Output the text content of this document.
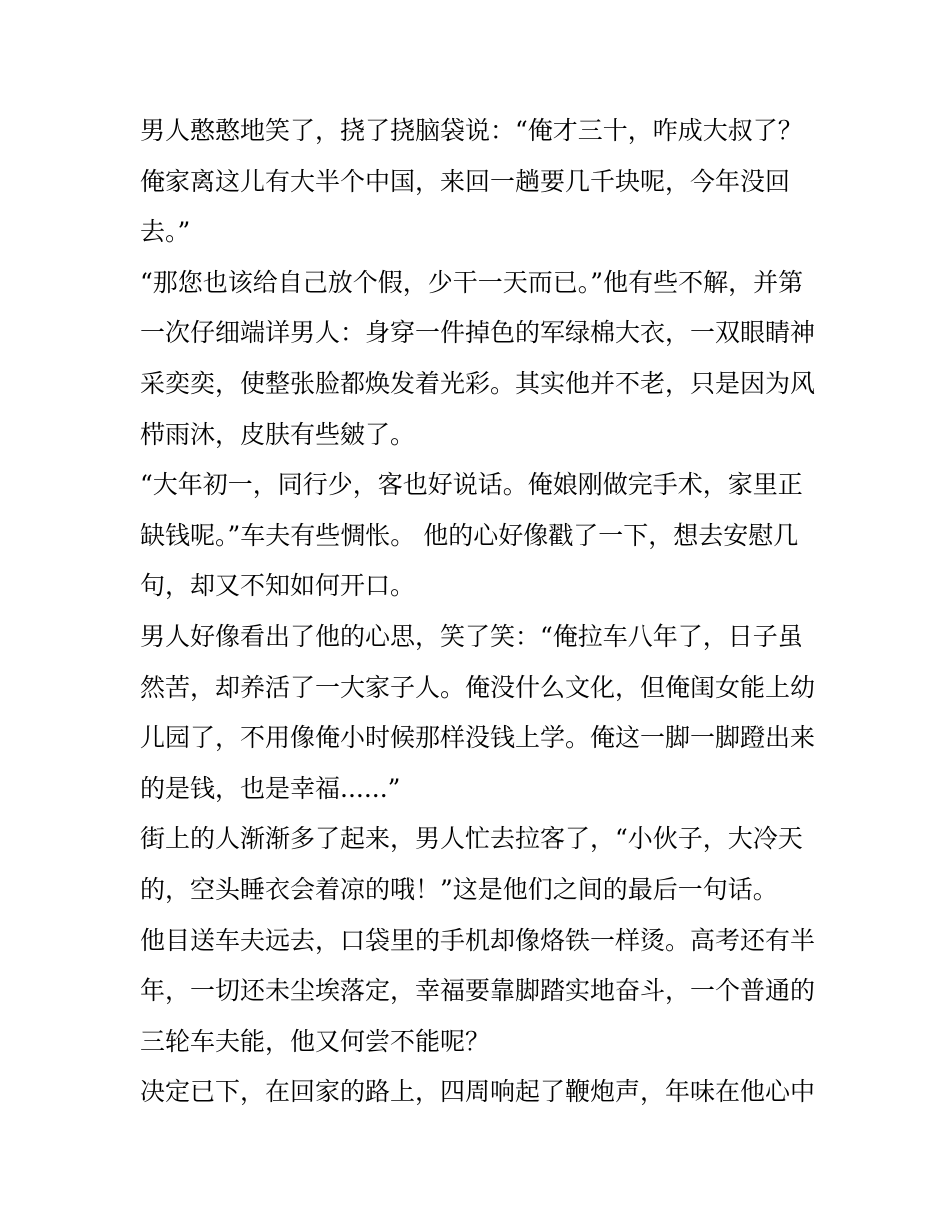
男人憨憨地笑了，挠了挠脑袋说：“俺才三十，咋成大叔了？俺家离这儿有大半个中国，来回一趟要几千块呢，今年没回去。”

“那您也该给自己放个假，少干一天而已。”他有些不解，并第一次仔细端详男人：身穿一件掉色的军绿棉大衣，一双眼睛神采奕奕，使整张脸都焕发着光彩。其实他并不老，只是因为风栉雨沐，皮肤有些皴了。

“大年初一，同行少，客也好说话。俺娘刚做完手术，家里正缺钱呢。”车夫有些惆怅。 他的心好像戳了一下，想去安慰几句，却又不知如何开口。

男人好像看出了他的心思，笑了笑：“俺拉车八年了，日子虽然苦，却养活了一大家子人。俺没什么文化，但俺闺女能上幼儿园了，不用像俺小时候那样没钱上学。俺这一脚一脚蹬出来的是钱，也是幸福......”

街上的人渐渐多了起来，男人忙去拉客了，“小伙子，大冷天的，空头睡衣会着凉的哦！”这是他们之间的最后一句话。

他目送车夫远去，口袋里的手机却像烙铁一样烫。高考还有半年，一切还未尘埃落定，幸福要靠脚踏实地奋斗，一个普通的三轮车夫能，他又何尝不能呢？

决定已下，在回家的路上，四周响起了鞭炮声，年味在他心中
